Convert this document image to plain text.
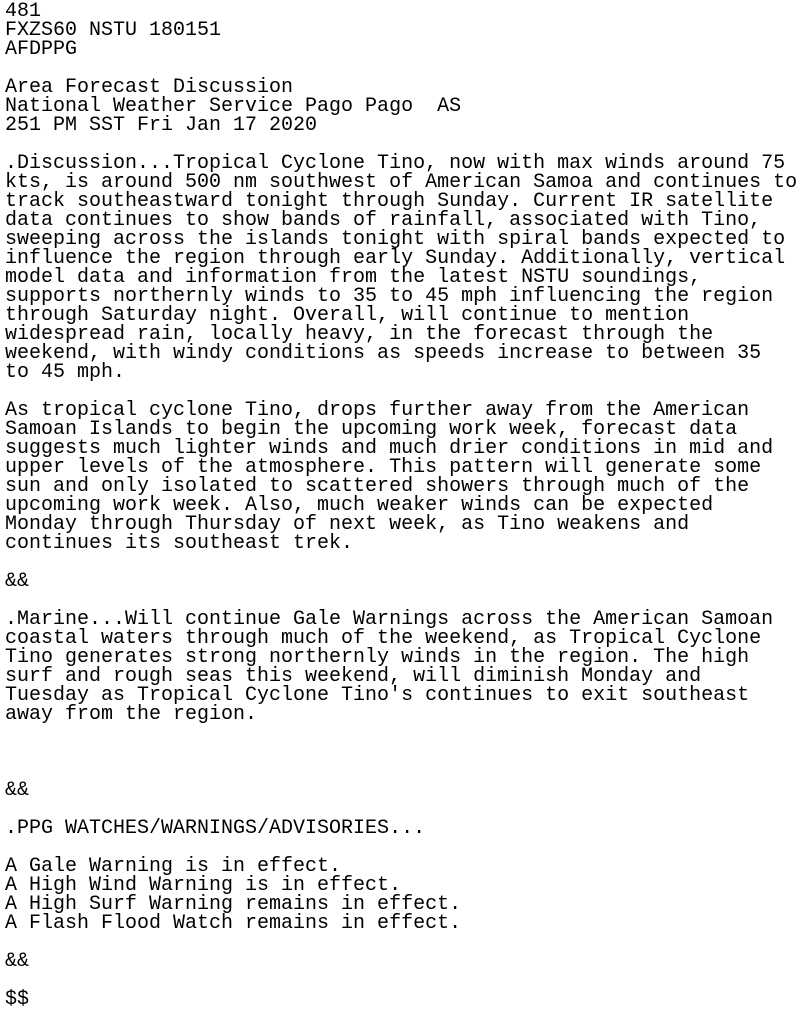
481
FXZS60 NSTU 180151
AFDPPG
Area Forecast Discussion
National Weather Service Pago Pago  AS
251 PM SST Fri Jan 17 2020
.Discussion...Tropical Cyclone Tino, now with max winds around 75
kts, is around 500 nm southwest of American Samoa and continues to
track southeastward tonight through Sunday. Current IR satellite
data continues to show bands of rainfall, associated with Tino,
sweeping across the islands tonight with spiral bands expected to
influence the region through early Sunday. Additionally, vertical
model data and information from the latest NSTU soundings,
supports northernly winds to 35 to 45 mph influencing the region
through Saturday night. Overall, will continue to mention
widespread rain, locally heavy, in the forecast through the
weekend, with windy conditions as speeds increase to between 35
to 45 mph.
As tropical cyclone Tino, drops further away from the American
Samoan Islands to begin the upcoming work week, forecast data
suggests much lighter winds and much drier conditions in mid and
upper levels of the atmosphere. This pattern will generate some
sun and only isolated to scattered showers through much of the
upcoming work week. Also, much weaker winds can be expected
Monday through Thursday of next week, as Tino weakens and
continues its southeast trek.
&&
.Marine...Will continue Gale Warnings across the American Samoan
coastal waters through much of the weekend, as Tropical Cyclone
Tino generates strong northernly winds in the region. The high
surf and rough seas this weekend, will diminish Monday and
Tuesday as Tropical Cyclone Tino's continues to exit southeast
away from the region.
&&
.PPG WATCHES/WARNINGS/ADVISORIES...
A Gale Warning is in effect.
A High Wind Warning is in effect.
A High Surf Warning remains in effect.
A Flash Flood Watch remains in effect.
&&
$$
